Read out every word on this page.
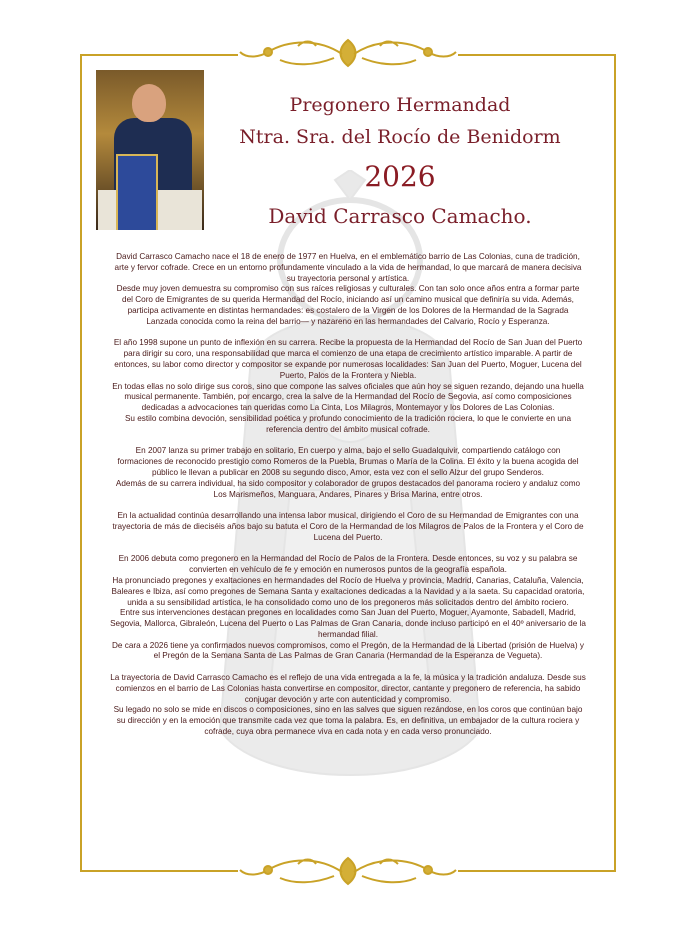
Pregonero Hermandad
Ntra. Sra. del Rocío de Benidorm
2026
David Carrasco Camacho.

David Carrasco Camacho nace el 18 de enero de 1977 en Huelva, en el emblemático barrio de Las Colonias, cuna de tradición,
arte y fervor cofrade. Crece en un entorno profundamente vinculado a la vida de hermandad, lo que marcará de manera decisiva
su trayectoria personal y artística.
Desde muy joven demuestra su compromiso con sus raíces religiosas y culturales. Con tan solo once años entra a formar parte
del Coro de Emigrantes de su querida Hermandad del Rocío, iniciando así un camino musical que definiría su vida. Además,
participa activamente en distintas hermandades: es costalero de la Virgen de los Dolores de la Hermandad de la Sagrada
Lanzada conocida como la reina del barrio— y nazareno en las hermandades del Calvario, Rocío y Esperanza.

El año 1998 supone un punto de inflexión en su carrera. Recibe la propuesta de la Hermandad del Rocío de San Juan del Puerto
para dirigir su coro, una responsabilidad que marca el comienzo de una etapa de crecimiento artístico imparable. A partir de
entonces, su labor como director y compositor se expande por numerosas localidades: San Juan del Puerto, Moguer, Lucena del
Puerto, Palos de la Frontera y Niebla.
En todas ellas no solo dirige sus coros, sino que compone las salves oficiales que aún hoy se siguen rezando, dejando una huella
musical permanente. También, por encargo, crea la salve de la Hermandad del Rocío de Segovia, así como composiciones
dedicadas a advocaciones tan queridas como La Cinta, Los Milagros, Montemayor y los Dolores de Las Colonias.
Su estilo combina devoción, sensibilidad poética y profundo conocimiento de la tradición rociera, lo que le convierte en una
referencia dentro del ámbito musical cofrade.

En 2007 lanza su primer trabajo en solitario, En cuerpo y alma, bajo el sello Guadalquivir, compartiendo catálogo con
formaciones de reconocido prestigio como Romeros de la Puebla, Brumas o María de la Colina. El éxito y la buena acogida del
público le llevan a publicar en 2008 su segundo disco, Amor, esta vez con el sello Alzur del grupo Senderos.
Además de su carrera individual, ha sido compositor y colaborador de grupos destacados del panorama rociero y andaluz como
Los Marismeños, Manguara, Andares, Pinares y Brisa Marina, entre otros.

En la actualidad continúa desarrollando una intensa labor musical, dirigiendo el Coro de su Hermandad de Emigrantes con una
trayectoria de más de dieciséis años bajo su batuta el Coro de la Hermandad de los Milagros de Palos de la Frontera y el Coro de
Lucena del Puerto.

En 2006 debuta como pregonero en la Hermandad del Rocío de Palos de la Frontera. Desde entonces, su voz y su palabra se
convierten en vehículo de fe y emoción en numerosos puntos de la geografía española.
Ha pronunciado pregones y exaltaciones en hermandades del Rocío de Huelva y provincia, Madrid, Canarias, Cataluña, Valencia,
Baleares e Ibiza, así como pregones de Semana Santa y exaltaciones dedicadas a la Navidad y a la saeta. Su capacidad oratoria,
unida a su sensibilidad artística, le ha consolidado como uno de los pregoneros más solicitados dentro del ámbito rociero.
Entre sus intervenciones destacan pregones en localidades como San Juan del Puerto, Moguer, Ayamonte, Sabadell, Madrid,
Segovia, Mallorca, Gibraleón, Lucena del Puerto o Las Palmas de Gran Canaria, donde incluso participó en el 40º aniversario de la
hermandad filial.
De cara a 2026 tiene ya confirmados nuevos compromisos, como el Pregón, de la Hermandad de la Libertad (prisión de Huelva) y
el Pregón de la Semana Santa de Las Palmas de Gran Canaria (Hermandad de la Esperanza de Vegueta).

La trayectoria de David Carrasco Camacho es el reflejo de una vida entregada a la fe, la música y la tradición andaluza. Desde sus
comienzos en el barrio de Las Colonias hasta convertirse en compositor, director, cantante y pregonero de referencia, ha sabido
conjugar devoción y arte con autenticidad y compromiso.
Su legado no solo se mide en discos o composiciones, sino en las salves que siguen rezándose, en los coros que continúan bajo
su dirección y en la emoción que transmite cada vez que toma la palabra. Es, en definitiva, un embajador de la cultura rociera y
cofrade, cuya obra permanece viva en cada nota y en cada verso pronunciado.
